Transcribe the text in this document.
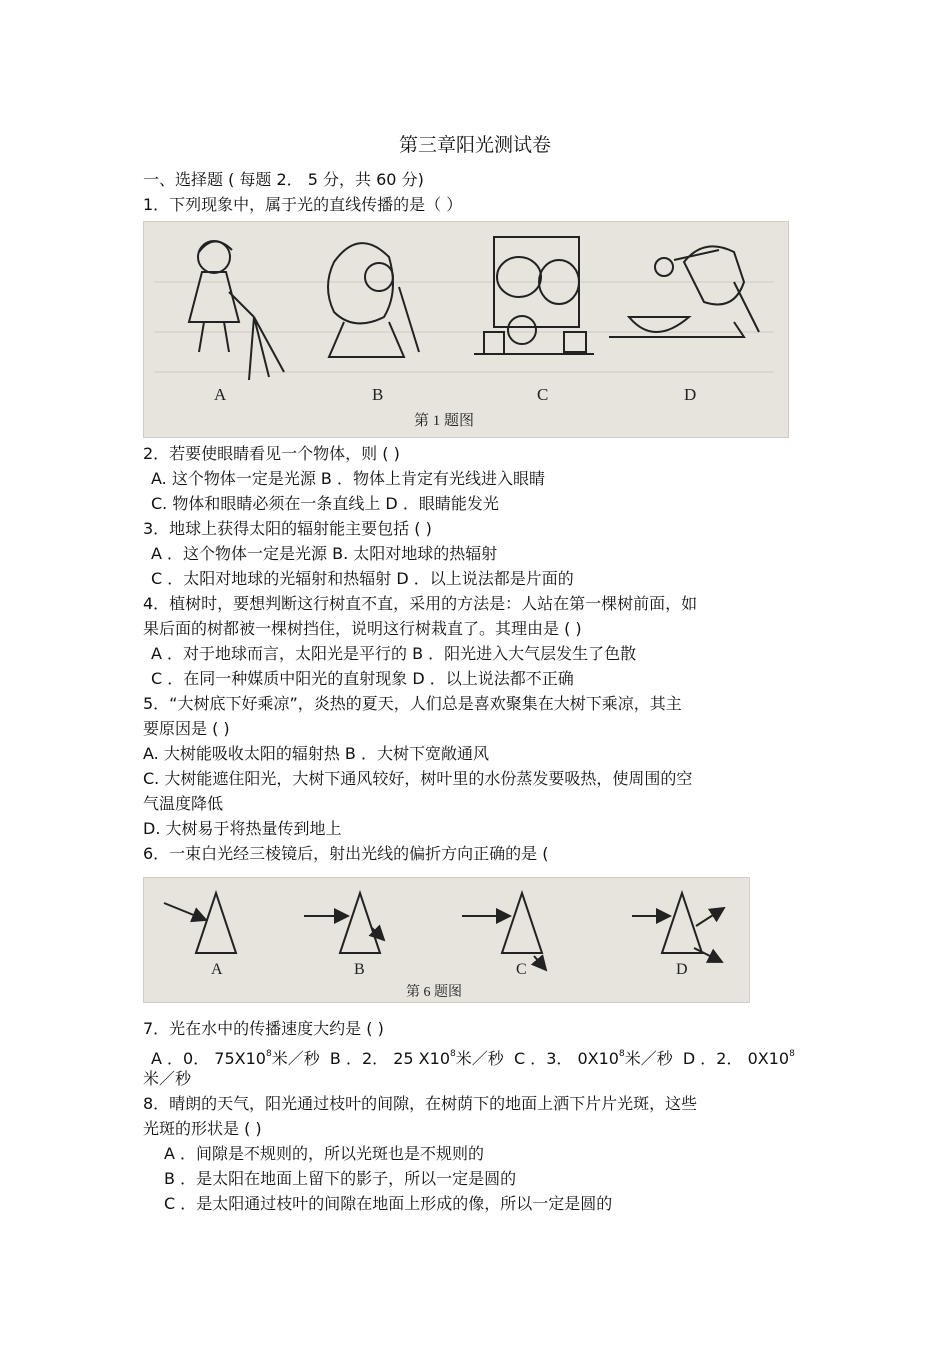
第三章阳光测试卷
一、选择题 ( 每题 2． 5 分，共 60 分)
1．下列现象中，属于光的直线传播的是（ ）
A	B	C	D
第 1 题图
2．若要使眼睛看见一个物体，则 ( )
A. 这个物体一定是光源 B ．物体上肯定有光线进入眼睛
C. 物体和眼睛必须在一条直线上 D ．眼睛能发光
3．地球上获得太阳的辐射能主要包括 ( )
A ．这个物体一定是光源 B. 太阳对地球的热辐射
C ．太阳对地球的光辐射和热辐射 D ．以上说法都是片面的
4．植树时，要想判断这行树直不直，采用的方法是：人站在第一棵树前面，如
果后面的树都被一棵树挡住，说明这行树栽直了。其理由是 ( )
A ．对于地球而言，太阳光是平行的 B ．阳光进入大气层发生了色散
C ．在同一种媒质中阳光的直射现象 D ．以上说法都不正确
5．“大树底下好乘凉”，炎热的夏天，人们总是喜欢聚集在大树下乘凉，其主
要原因是 ( )
A. 大树能吸收太阳的辐射热 B ．大树下宽敞通风
C. 大树能遮住阳光，大树下通风较好，树叶里的水份蒸发要吸热，使周围的空
气温度降低
D. 大树易于将热量传到地上
6．一束白光经三棱镜后，射出光线的偏折方向正确的是 (
A	B	C	D
第 6 题图
7．光在水中的传播速度大约是 ( )
A ．0． $75X10^8$米／秒 B ．2． 25 $X10^8$米／秒 C ．3． $0X10^8$米／秒 D ．2． $0X10^8$
米／秒
8．晴朗的天气，阳光通过枝叶的间隙，在树荫下的地面上洒下片片光斑，这些
光斑的形状是 ( )
A ．间隙是不规则的，所以光斑也是不规则的
B ．是太阳在地面上留下的影子，所以一定是圆的
C ．是太阳通过枝叶的间隙在地面上形成的像，所以一定是圆的
